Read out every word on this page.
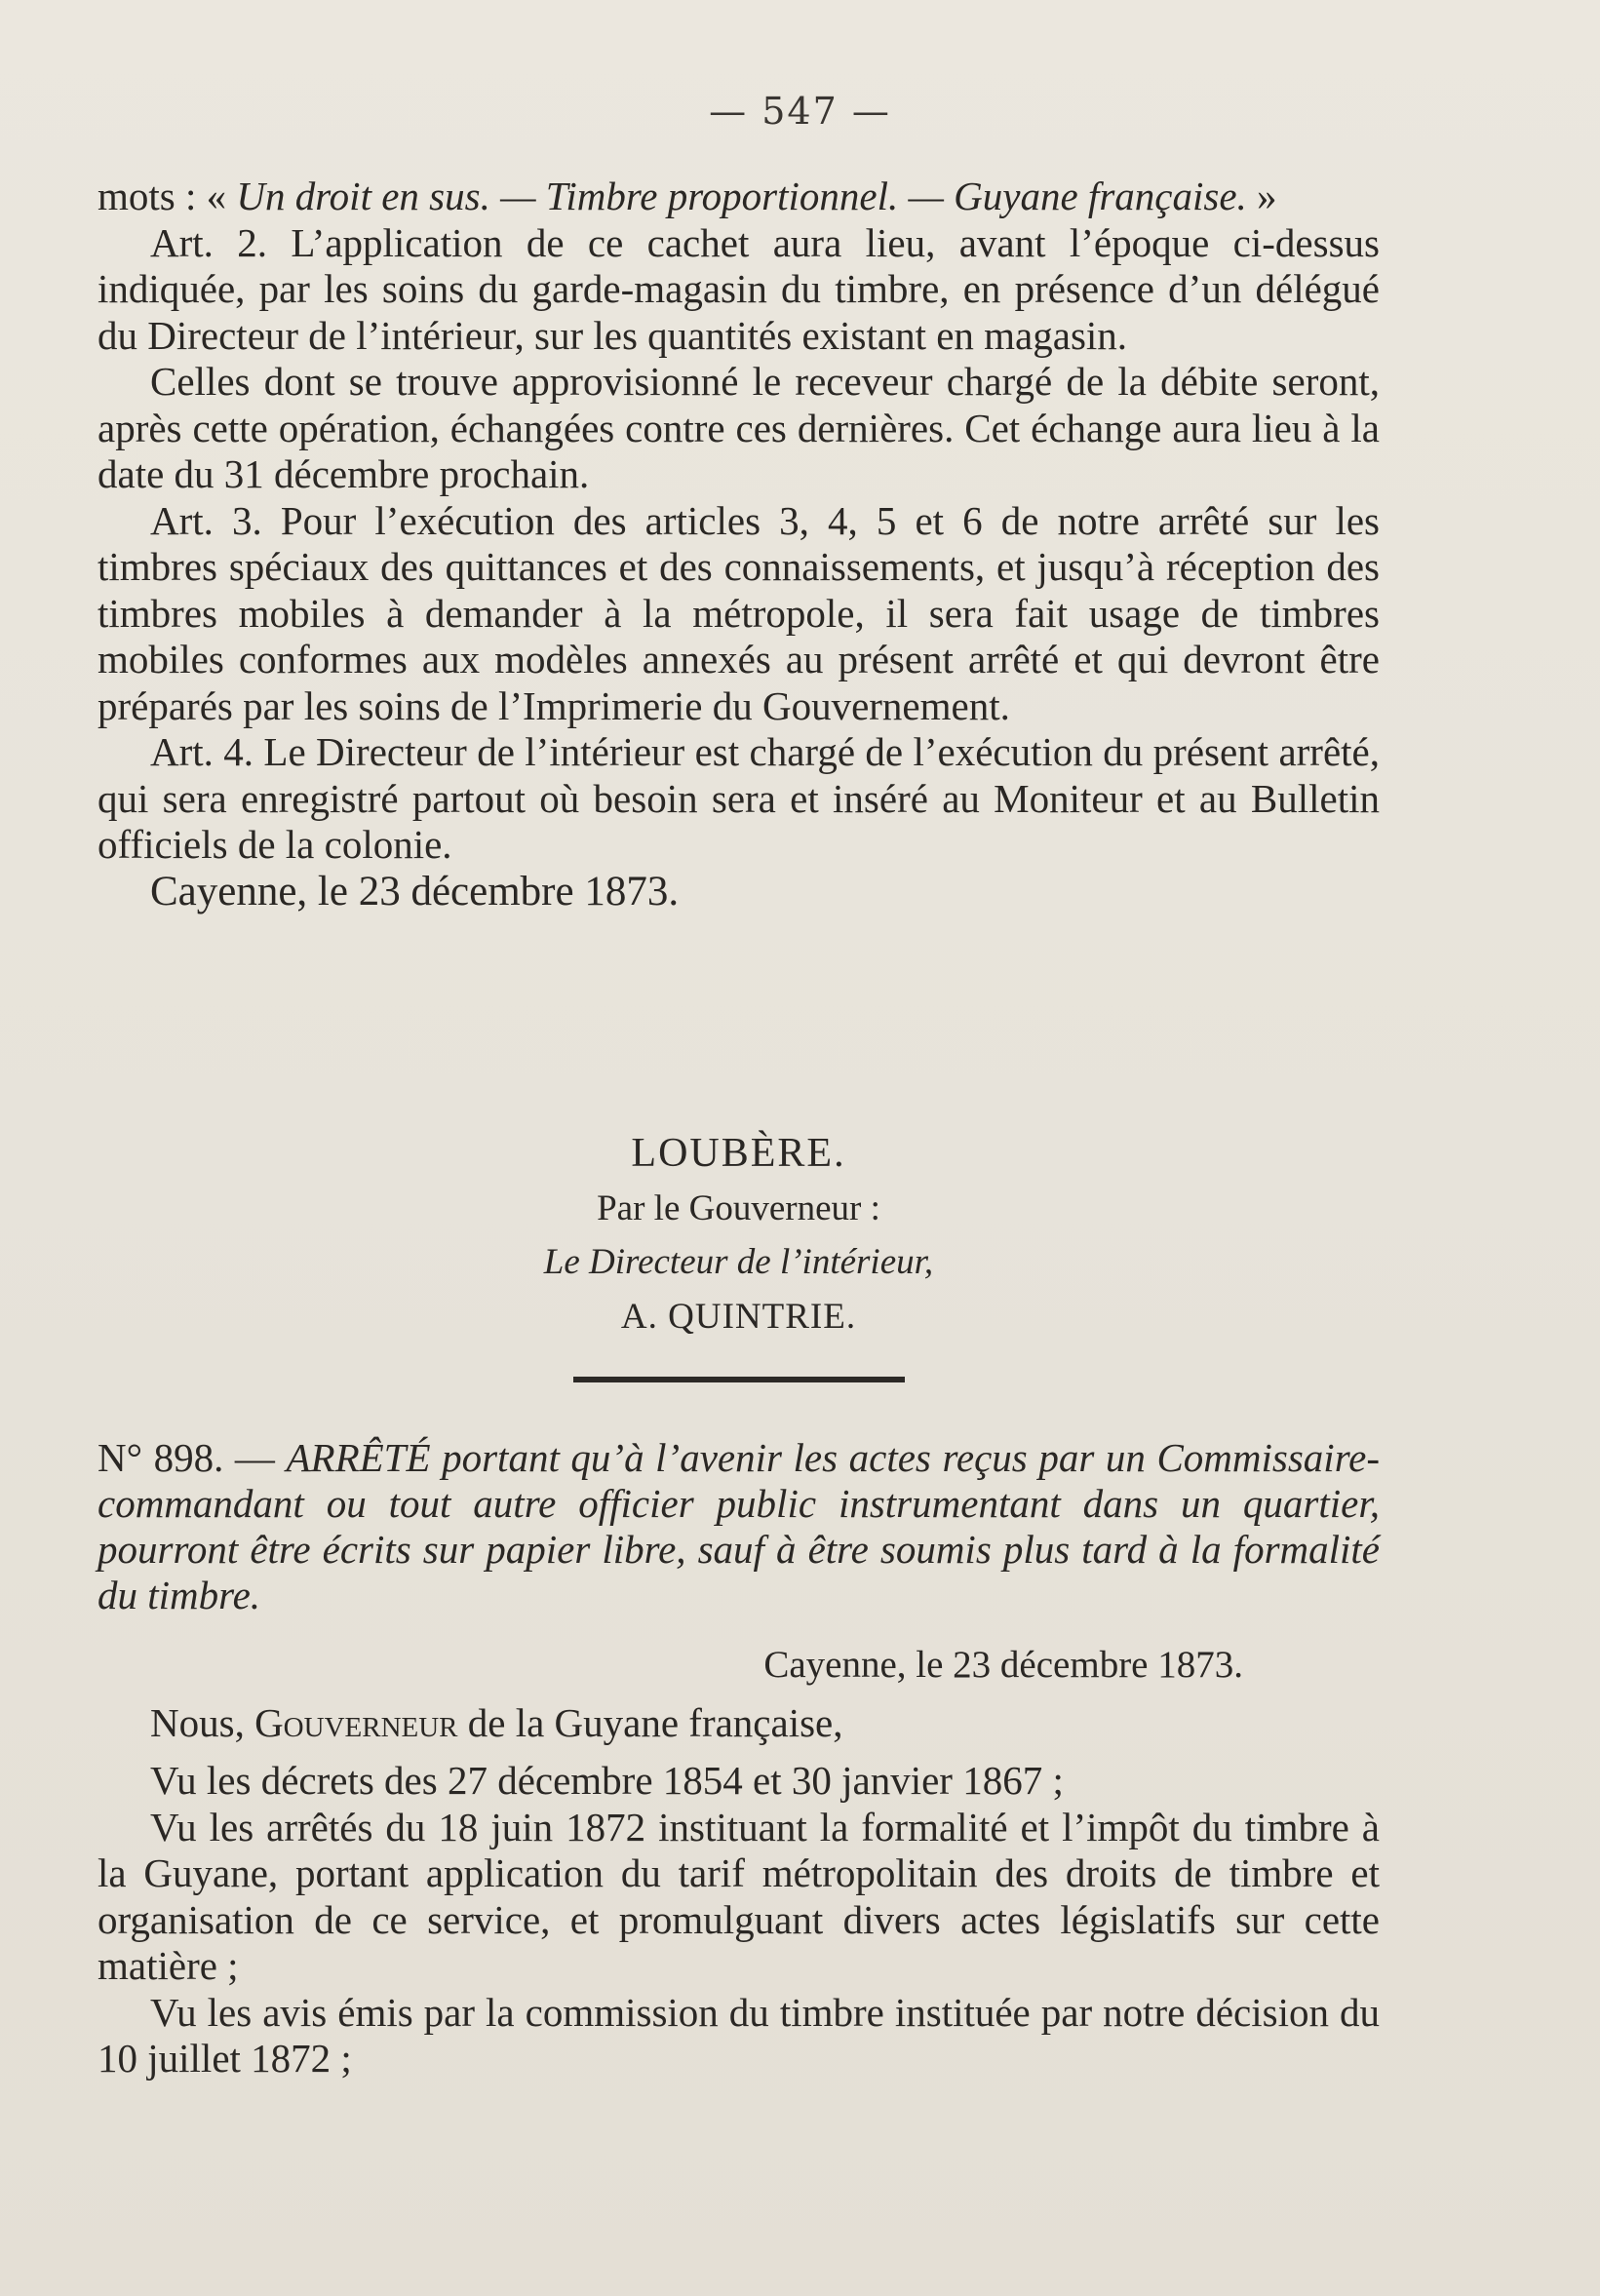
— 547 —

mots : « Un droit en sus. — Timbre proportionnel. — Guyane française. »

Art. 2. L’application de ce cachet aura lieu, avant l’époque ci-dessus indiquée, par les soins du garde-magasin du timbre, en présence d’un délégué du Directeur de l’intérieur, sur les quantités existant en magasin.

Celles dont se trouve approvisionné le receveur chargé de la débite seront, après cette opération, échangées contre ces dernières. Cet échange aura lieu à la date du 31 décembre prochain.

Art. 3. Pour l’exécution des articles 3, 4, 5 et 6 de notre arrêté sur les timbres spéciaux des quittances et des connaissements, et jusqu’à réception des timbres mobiles à demander à la métropole, il sera fait usage de timbres mobiles conformes aux modèles annexés au présent arrêté et qui devront être préparés par les soins de l’Imprimerie du Gouvernement.

Art. 4. Le Directeur de l’intérieur est chargé de l’exécution du présent arrêté, qui sera enregistré partout où besoin sera et inséré au Moniteur et au Bulletin officiels de la colonie.

Cayenne, le 23 décembre 1873.

LOUBÈRE.

Par le Gouverneur :

Le Directeur de l’intérieur,

A. QUINTRIE.

N° 898. — ARRÊTÉ portant qu’à l’avenir les actes reçus par un Commissaire-commandant ou tout autre officier public instrumentant dans un quartier, pourront être écrits sur papier libre, sauf à être soumis plus tard à la formalité du timbre.

Cayenne, le 23 décembre 1873.

Nous, Gouverneur de la Guyane française,

Vu les décrets des 27 décembre 1854 et 30 janvier 1867 ;

Vu les arrêtés du 18 juin 1872 instituant la formalité et l’impôt du timbre à la Guyane, portant application du tarif métropolitain des droits de timbre et organisation de ce service, et promulguant divers actes législatifs sur cette matière ;

Vu les avis émis par la commission du timbre instituée par notre décision du 10 juillet 1872 ;
